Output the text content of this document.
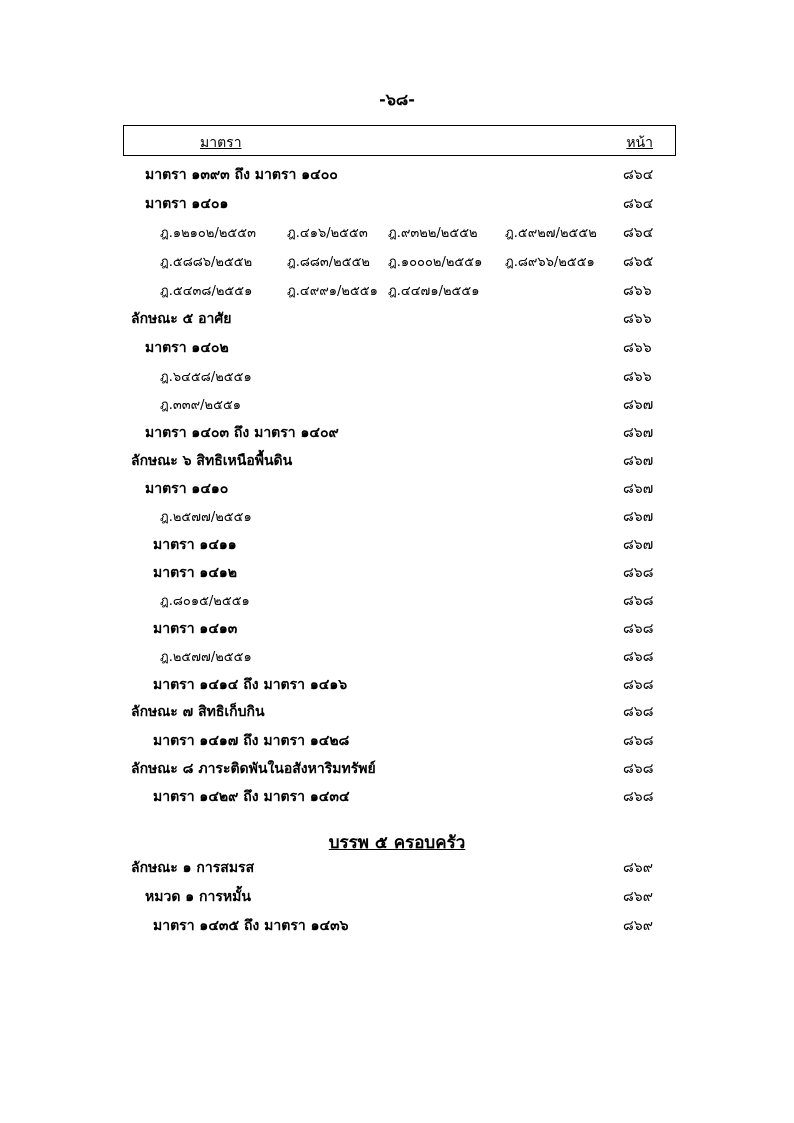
-๖๘-
มาตรา	หน้า
มาตรา ๑๓๙๓ ถึง มาตรา ๑๔๐๐	๘๖๔
มาตรา ๑๔๐๑	๘๖๔
ฎ.๑๒๑๐๒/๒๕๕๓ ฎ.๔๑๖/๒๕๕๓ ฎ.๙๓๒๒/๒๕๕๒ ฎ.๕๙๒๗/๒๕๕๒ ๘๖๔
ฎ.๕๘๘๖/๒๕๕๒	ฎ.๘๘๓/๒๕๕๒ ฎ.๑๐๐๐๒/๒๕๕๑ ฎ.๘๙๖๖/๒๕๕๑ ๘๖๕
ฎ.๕๔๓๘/๒๕๕๑	ฎ.๔๙๙๑/๒๕๕๑ ฎ.๔๔๗๑/๒๕๕๑	๘๖๖
ลักษณะ ๕ อาศัย	๘๖๖
มาตรา ๑๔๐๒	๘๖๖
ฎ.๖๔๕๘/๒๕๕๑	๘๖๖
ฎ.๓๓๙/๒๕๕๑	๘๖๗
มาตรา ๑๔๐๓ ถึง มาตรา ๑๔๐๙	๘๖๗
ลักษณะ ๖ สิทธิเหนือพื้นดิน	๘๖๗
มาตรา ๑๔๑๐	๘๖๗
ฎ.๒๕๗๗/๒๕๕๑	๘๖๗
มาตรา ๑๔๑๑	๘๖๗
มาตรา ๑๔๑๒	๘๖๘
ฎ.๘๐๑๕/๒๕๕๑	๘๖๘
มาตรา ๑๔๑๓	๘๖๘
ฎ.๒๕๗๗/๒๕๕๑	๘๖๘
มาตรา ๑๔๑๔ ถึง มาตรา ๑๔๑๖	๘๖๘
ลักษณะ ๗ สิทธิเก็บกิน	๘๖๘
มาตรา ๑๔๑๗ ถึง มาตรา ๑๔๒๘	๘๖๘
ลักษณะ ๘ ภาระติดพันในอสังหาริมทรัพย์	๘๖๘
มาตรา ๑๔๒๙ ถึง มาตรา ๑๔๓๔	๘๖๘
บรรพ ๕ ครอบครัว
ลักษณะ ๑ การสมรส	๘๖๙
หมวด ๑ การหมั้น	๘๖๙
มาตรา ๑๔๓๕ ถึง มาตรา ๑๔๓๖	๘๖๙
